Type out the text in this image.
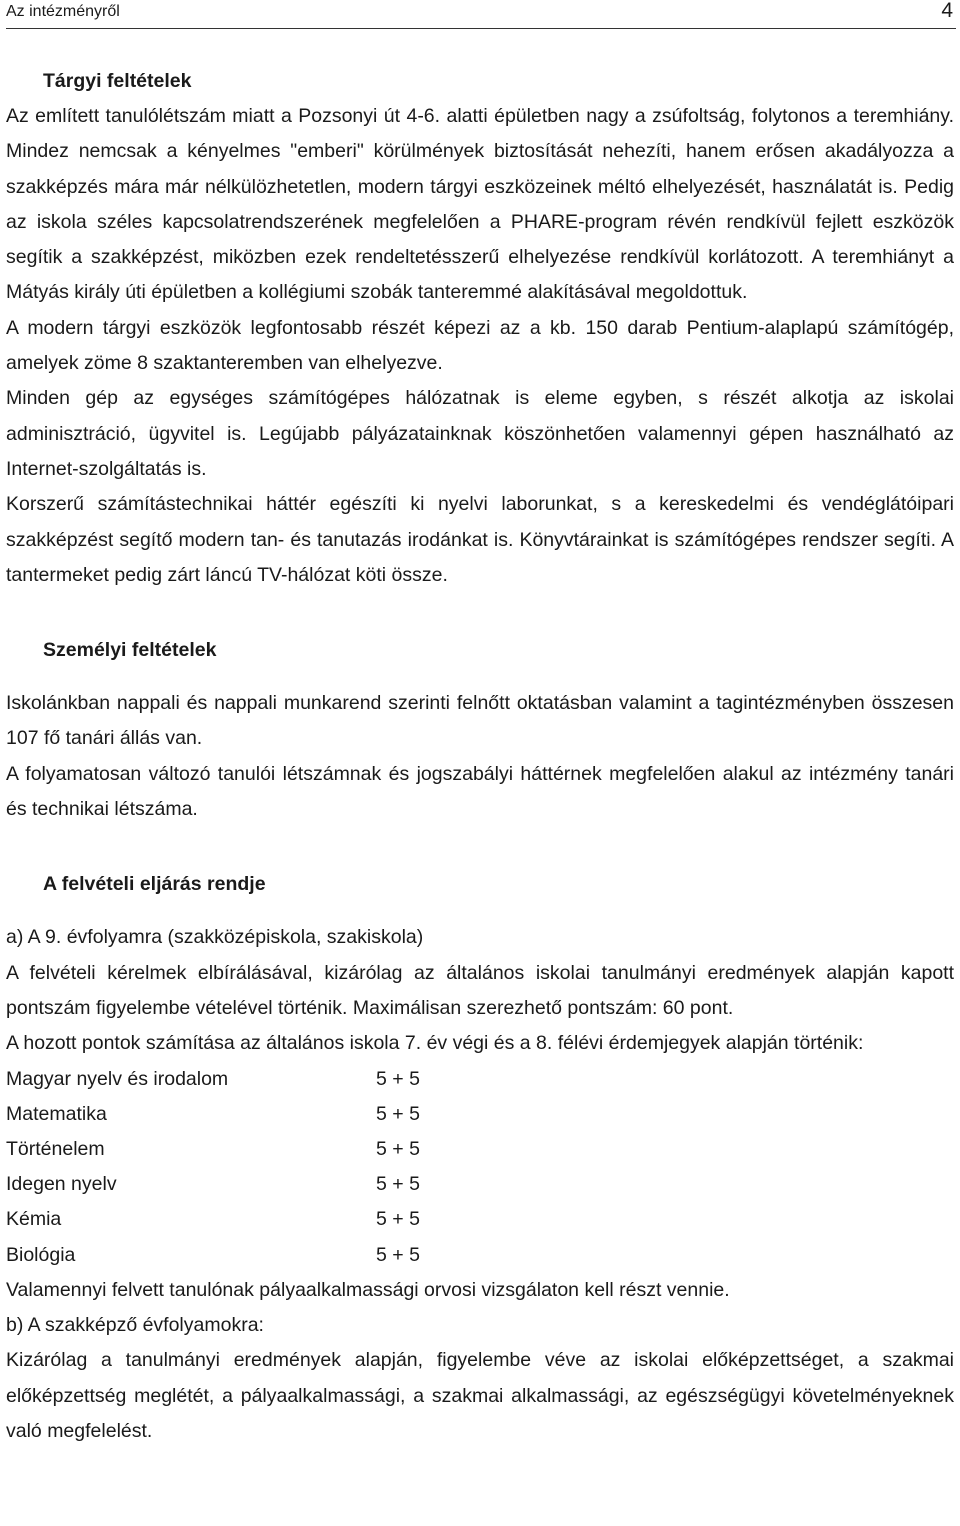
Az intézményről	4
Tárgyi feltételek

Az említett tanulólétszám miatt a Pozsonyi út 4-6. alatti épületben nagy a zsúfoltság, folytonos a teremhiány. Mindez nemcsak a kényelmes "emberi" körülmények biztosítását nehezíti, hanem erősen akadályozza a szakképzés mára már nélkülözhetetlen, modern tárgyi eszközeinek méltó elhelyezését, használatát is. Pedig az iskola széles kapcsolatrendszerének megfelelően a PHARE-program révén rendkívül fejlett eszközök segítik a szakképzést, miközben ezek rendeltetésszerű elhelyezése rendkívül korlátozott. A teremhiányt a Mátyás király úti épületben a kollégiumi szobák tanteremmé alakításával megoldottuk.

A modern tárgyi eszközök legfontosabb részét képezi az a kb. 150 darab Pentium-alaplapú számítógép, amelyek zöme 8 szaktanteremben van elhelyezve.

Minden gép az egységes számítógépes hálózatnak is eleme egyben, s részét alkotja az iskolai adminisztráció, ügyvitel is. Legújabb pályázatainknak köszönhetően valamennyi gépen használható az Internet-szolgáltatás is.

Korszerű számítástechnikai háttér egészíti ki nyelvi laborunkat, s a kereskedelmi és vendéglátóipari szakképzést segítő modern tan- és tanutazás irodánkat is. Könyvtárainkat is számítógépes rendszer segíti. A tantermeket pedig zárt láncú TV-hálózat köti össze.

Személyi feltételek

Iskolánkban nappali és nappali munkarend szerinti felnőtt oktatásban valamint a tagintézményben összesen 107 fő tanári állás van.

A folyamatosan változó tanulói létszámnak és jogszabályi háttérnek megfelelően alakul az intézmény tanári és technikai létszáma.

A felvételi eljárás rendje

a) A 9. évfolyamra (szakközépiskola, szakiskola)

A felvételi kérelmek elbírálásával, kizárólag az általános iskolai tanulmányi eredmények alapján kapott pontszám figyelembe vételével történik. Maximálisan szerezhető pontszám: 60 pont.

A hozott pontok számítása az általános iskola 7. év végi és a 8. félévi érdemjegyek alapján történik:

Magyar nyelv és irodalom	5 + 5
Matematika	5 + 5
Történelem	5 + 5
Idegen nyelv	5 + 5
Kémia	5 + 5
Biológia	5 + 5

Valamennyi felvett tanulónak pályaalkalmassági orvosi vizsgálaton kell részt vennie.

b) A szakképző évfolyamokra:

Kizárólag a tanulmányi eredmények alapján, figyelembe véve az iskolai előképzettséget, a szakmai előképzettség meglétét, a pályaalkalmassági, a szakmai alkalmassági, az egészségügyi követelményeknek való megfelelést.
